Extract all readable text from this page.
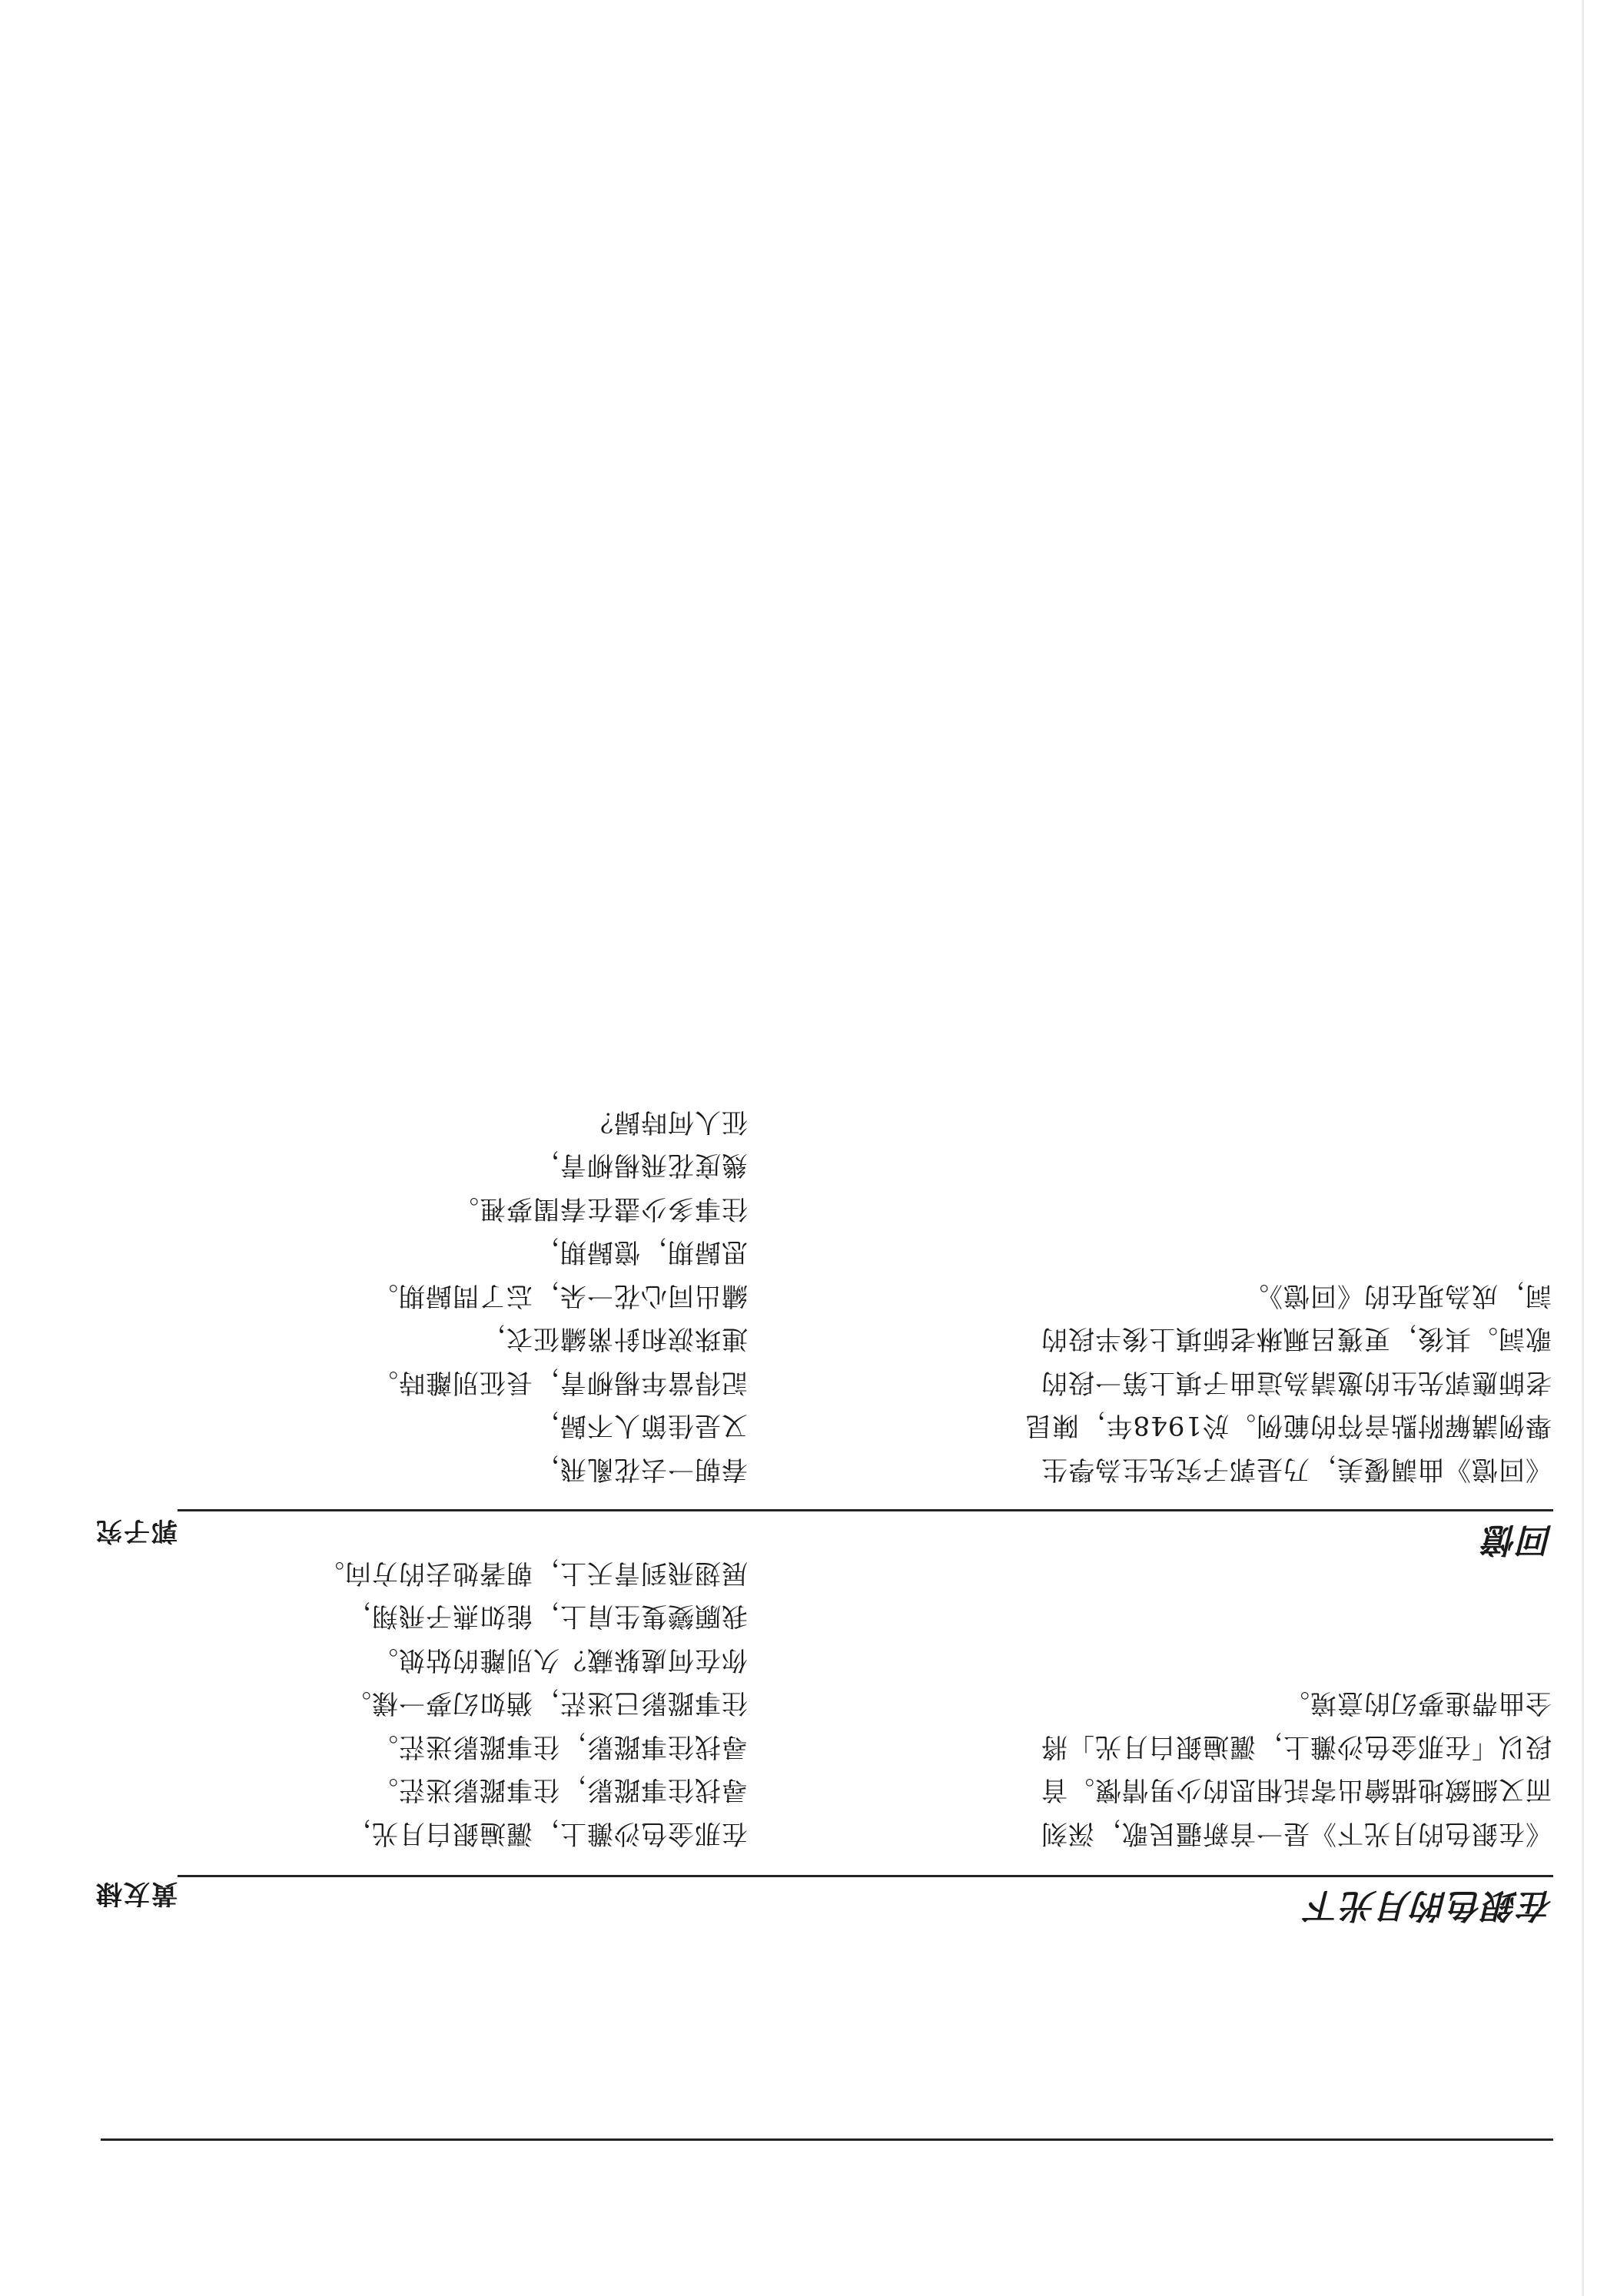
在銀色的月光下
黃友棣
《在銀色的月光下》是一首新疆民歌，深刻
而又細緻地描繪出寄託相思的少男情懷。首
段以「在那金色沙灘上，灑遍銀白月光」將
全曲帶進夢幻的意境。
在那金色沙灘上，灑遍銀白月光，
尋找往事蹤影，往事蹤影迷茫。
尋找往事蹤影，往事蹤影迷茫。
往事蹤影已迷茫，猶如幻夢一樣。
你在何處躲藏？久別離的姑娘。
我願變隻生肩上，能如燕子飛翔，
展翅飛到青天上，朝著她去的方向。
回憶
郭子究
《回憶》曲調優美，乃是郭子究先生為學生
舉例講解附點音符的範例。於1948年，陳昆
老師應郭先生的邀請為這曲子填上第一段的
歌詞。其後，更獲呂珮琳老師填上後半段的
詞，成為現在的《回憶》。
春朝一去花亂飛，
又是佳節人不歸，
記得當年楊柳青，長征別離時。
連珠淚和針黹繡征衣，
繡出同心花一朵，忘了問歸期。
思歸期，憶歸期，
往事多少盡在春閨夢裡。
幾度花飛楊柳青，
征人何時歸？
